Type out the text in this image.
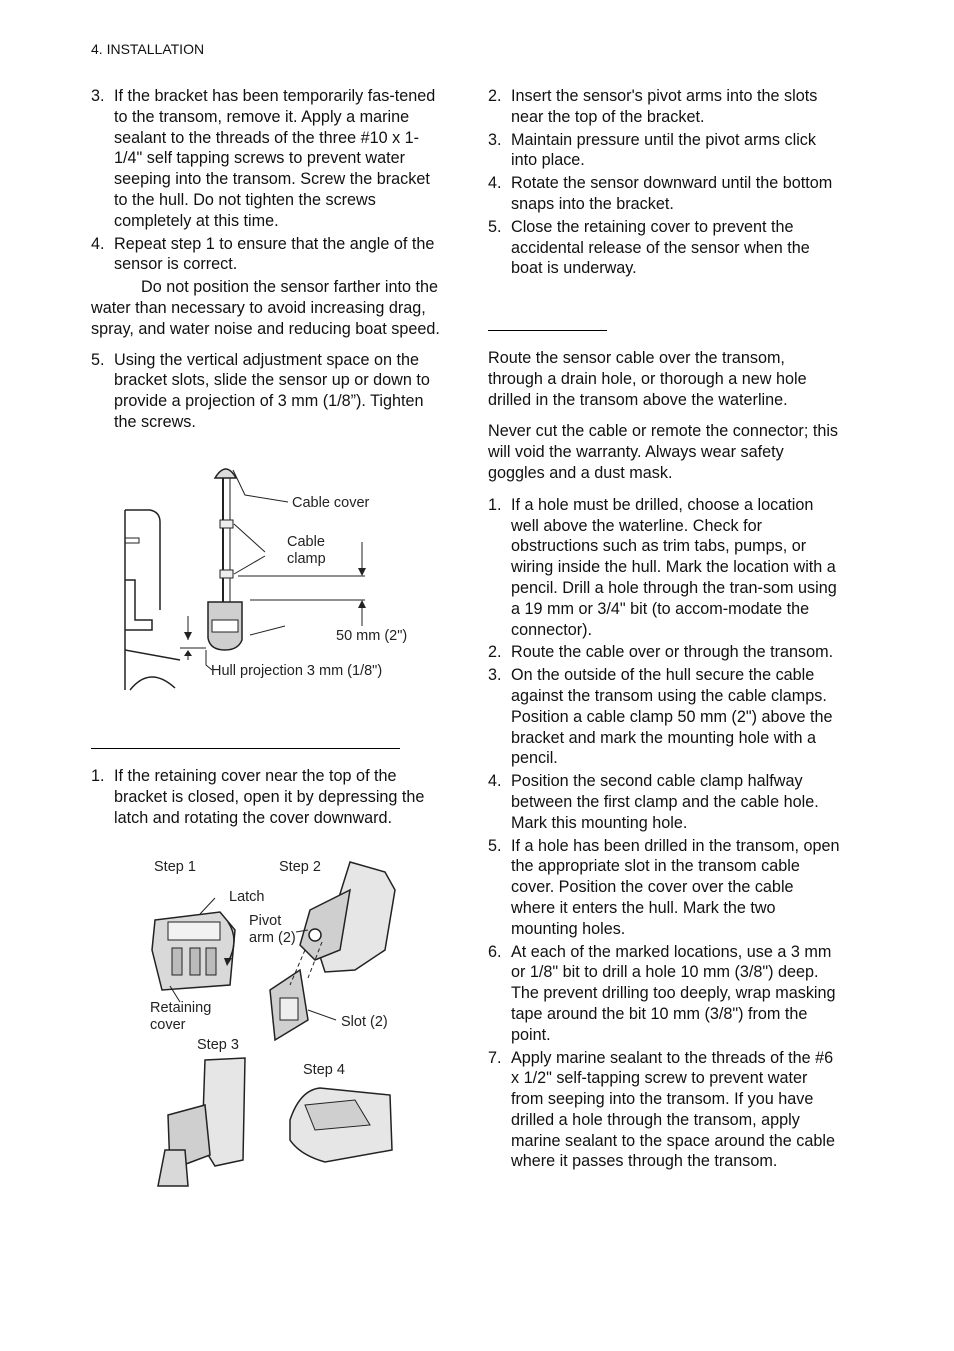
4. INSTALLATION
3. If the bracket has been temporarily fas-tened to the transom, remove it. Apply a marine sealant to the threads of the three #10 x 1-1/4" self tapping screws to prevent water seeping into the transom. Screw the bracket to the hull. Do not tighten the screws completely at this time.
4. Repeat step 1 to ensure that the angle of the sensor is correct.

Do not position the sensor farther into the water than necessary to avoid increasing drag, spray, and water noise and reducing boat speed.

5. Using the vertical adjustment space on the bracket slots, slide the sensor up or down to provide a projection of 3 mm (1/8”). Tighten the screws.
Cable cover
Cable
clamp
50 mm (2")
Hull projection 3 mm (1/8")
1. If the retaining cover near the top of the bracket is closed, open it by depressing the latch and rotating the cover downward.
Step 1	Step 2
Latch
Pivot
arm (2)
Retaining
cover	Slot (2)
Step 3
Step 4
2. Insert the sensor's pivot arms into the slots near the top of the bracket.
3. Maintain pressure until the pivot arms click into place.
4. Rotate the sensor downward until the bottom snaps into the bracket.
5. Close the retaining cover to prevent the accidental release of the sensor when the boat is underway.

Route the sensor cable over the transom, through a drain hole, or thorough a new hole drilled in the transom above the waterline.

Never cut the cable or remote the connector; this will void the warranty. Always wear safety goggles and a dust mask.

1. If a hole must be drilled, choose a location well above the waterline. Check for obstructions such as trim tabs, pumps, or wiring inside the hull. Mark the location with a pencil. Drill a hole through the tran-som using a 19 mm or 3/4" bit (to accom-modate the connector).
2. Route the cable over or through the transom.
3. On the outside of the hull secure the cable against the transom using the cable clamps. Position a cable clamp 50 mm (2") above the bracket and mark the mounting hole with a pencil.
4. Position the second cable clamp halfway between the first clamp and the cable hole. Mark this mounting hole.
5. If a hole has been drilled in the transom, open the appropriate slot in the transom cable cover. Position the cover over the cable where it enters the hull. Mark the two mounting holes.
6. At each of the marked locations, use a 3 mm or 1/8" bit to drill a hole 10 mm (3/8") deep. The prevent drilling too deeply, wrap masking tape around the bit 10 mm (3/8") from the point.
7. Apply marine sealant to the threads of the #6 x 1/2" self-tapping screw to prevent water from seeping into the transom. If you have drilled a hole through the transom, apply marine sealant to the space around the cable where it passes through the transom.
